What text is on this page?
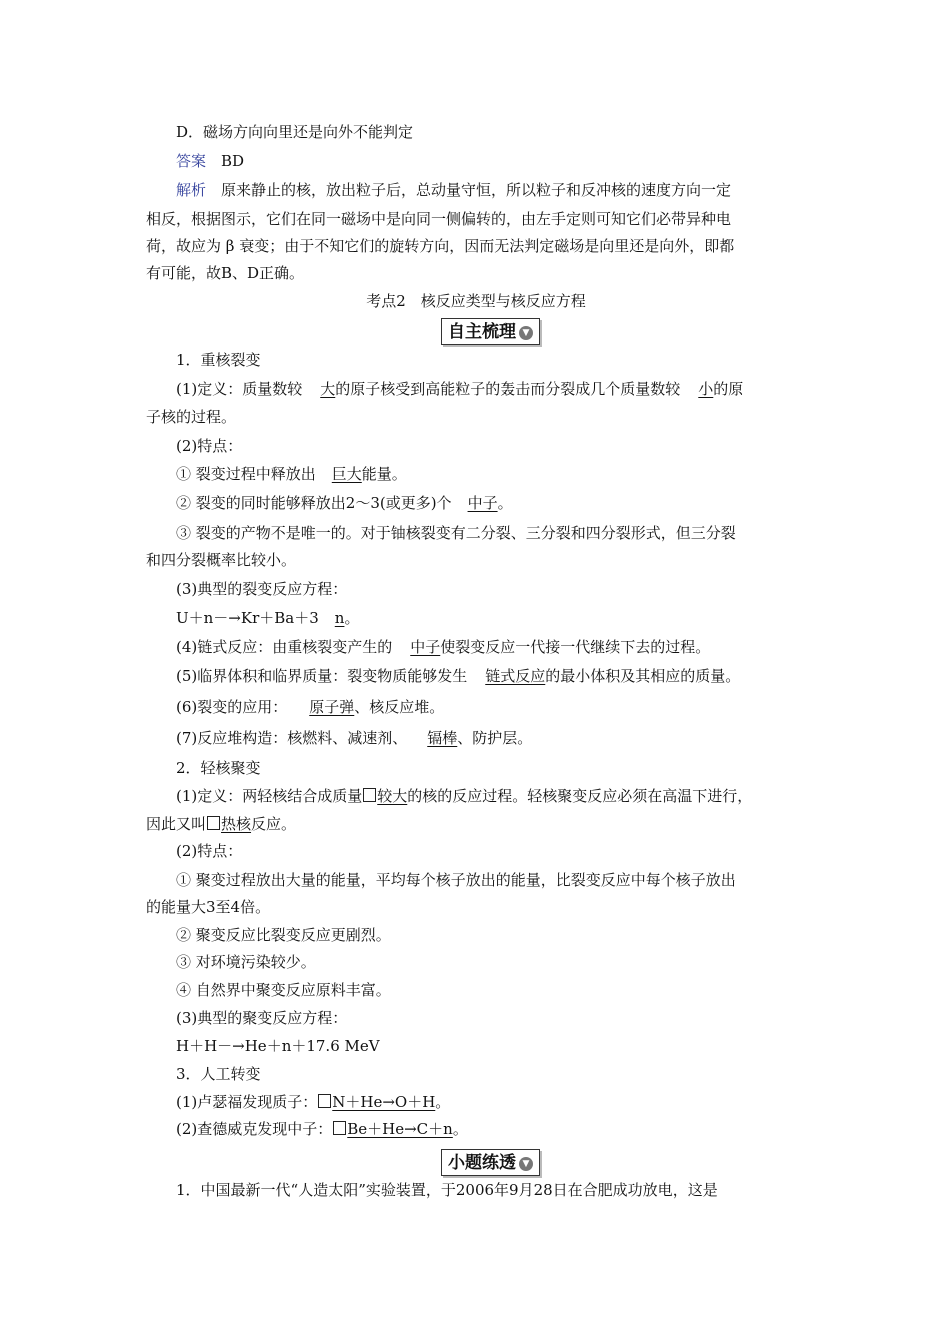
D．磁场方向向里还是向外不能判定
答案　 BD
解析　 原来静止的核，放出粒子后，总动量守恒，所以粒子和反冲核的速度方向一定
相反，根据图示，它们在同一磁场中是向同一侧偏转的，由左手定则可知它们必带异种电
荷，故应为 β 衰变；由于不知它们的旋转方向，因而无法判定磁场是向里还是向外，即都
有可能，故B、D正确。
考点2　核反应类型与核反应方程
自主梳理 ▼
1．重核裂变
(1)定义：质量数较 大的原子核受到高能粒子的轰击而分裂成几个质量数较 小的原
子核的过程。
(2)特点：
① 裂变过程中释放出 巨大能量。
② 裂变的同时能够释放出2～3(或更多)个 中子。
③ 裂变的产物不是唯一的。对于铀核裂变有二分裂、三分裂和四分裂形式，但三分裂
和四分裂概率比较小。
(3)典型的裂变反应方程：
U＋n－→Kr＋Ba＋3 n。
(4)链式反应：由重核裂变产生的 中子使裂变反应一代接一代继续下去的过程。
(5)临界体积和临界质量：裂变物质能够发生 链式反应的最小体积及其相应的质量。
(6)裂变的应用： 原子弹、核反应堆。
(7)反应堆构造：核燃料、减速剂、 镉棒、防护层。
2．轻核聚变
(1)定义：两轻核结合成质量 较大的核的反应过程。轻核聚变反应必须在高温下进行，
因此又叫 热核反应。
(2)特点：
① 聚变过程放出大量的能量，平均每个核子放出的能量，比裂变反应中每个核子放出
的能量大3至4倍。
② 聚变反应比裂变反应更剧烈。
③ 对环境污染较少。
④ 自然界中聚变反应原料丰富。
(3)典型的聚变反应方程：
H＋H－→He＋n＋17.6 MeV
3．人工转变
(1)卢瑟福发现质子： N＋He→O＋H。
(2)查德威克发现中子： Be＋He→C＋n。
小题练透 ▼
1．中国最新一代“人造太阳”实验装置，于2006年9月28日在合肥成功放电，这是
